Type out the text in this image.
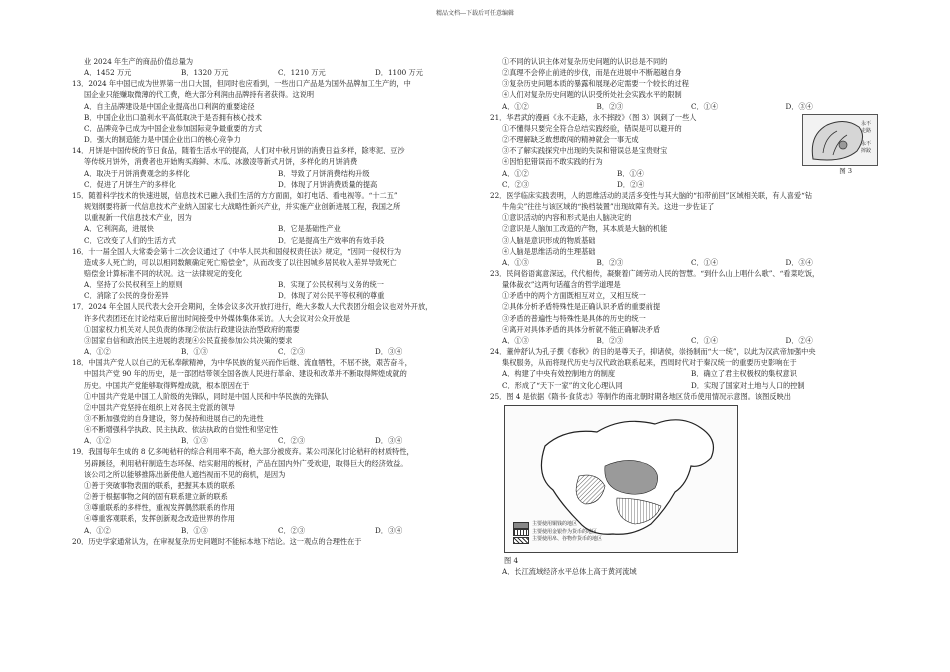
精品文档---下载后可任意编辑
业 2024 年生产的商品价值总量为
A．1452 万元	B．1320 万元	C．1210 万元	D．1100 万元
13．2024 年中国已成为世界第一出口大国，但同时也应看到，一些出口产品是为国外品牌加工生产的，中
国企业只能赚取微薄的代工费，绝大部分利润由品牌持有者获得。这说明
A．自主品牌建设是中国企业提高出口利润的重要途径
B．中国企业出口盈利水平高低取决于是否拥有核心技术
C．品牌竞争已成为中国企业参加国际竞争最重要的方式
D．强大的制造能力是中国企业出口的核心竞争力
14．月饼是中国传统的节日食品，随着生活水平的提高，人们对中秋月饼的消费日益多样，除枣泥、豆沙
等传统月饼外，消费者也开始购买海鲜、木瓜、冰激凌等新式月饼，多样化的月饼消费
A．取决于月饼消费观念的多样化	B．导致了月饼消费结构升级
C．促进了月饼生产的多样化	D．体现了月饼消费质量的提高
15．随着科学技术的快速进展，信息技术已融入我们生活的方方面面，如打电话、看电视等。“十二五”
规划纲要将新一代信息技术产业纳入国家七大战略性新兴产业，并实施产业创新进展工程，我国之所
以重视新一代信息技术产业，因为
A．它利润高，进展快	B．它是基础性产业
C．它改变了人们的生活方式	D．它是提高生产效率的有效手段
16．十一届全国人大常委会第十二次会议通过了《中华人民共和国侵权责任法》规定，“因同一侵权行为
造成多人死亡的，可以以相同数额确定死亡赔偿金”，从而改变了以往因城乡居民收入差异导致死亡
赔偿金计算标准不同的状况。这一法律规定的变化
A．坚持了公民权利至上的原则	B．实现了公民权利与义务的统一
C．消除了公民的身份差异	D．体现了对公民平等权利的尊重
17．2024 年全国人民代表大会开会期间，全体会议多次开放打进行，绝大多数人大代表团分组会议也对外开放，
许多代表团还在讨论结束后留出时间接受中外媒体集体采访。人大会议对公众开放是
①国家权力机关对人民负责的体现②依法行政建设法治型政府的需要
③国家自信和政治民主进展的表现④公民直接参加公共决策的要求
A．①②	B．①③	C．②③	D．③④
18．中国共产党人以自己的无私奉献精神，为中华民族的复兴而作后继、流血牺牲，不屈不挠，艰苦奋斗，
中国共产党 90 年的历史，是一部团结带领全国各族人民进行革命、建设和改革并不断取得辉煌成就的
历史。中国共产党能够取得辉煌成就，根本原因在于
①中国共产党是中国工人阶级的先锋队，同时是中国人民和中华民族的先锋队
②中国共产党坚持在组织上对各民主党派的领导
③不断加强党的自身建设，努力保持和进展自己的先进性
④不断增强科学执政、民主执政、依法执政的自觉性和坚定性
A．①②	B．①③	C．②③	D．③④
19．我国每年生成的 8 亿多吨秸秆的综合利用率不高，绝大部分被废弃。某公司深化讨论秸秆的材质特性，
另辟蹊径，利用秸秆制造生态环保、结实耐用的板材，产品在国内外广受欢迎，取得巨大的经济效益。
该公司之所以能够推陈出新使他人遮挡视而不见的商机，是因为
①善于突破事物表面的联系，把握其本质的联系
②善于根据事物之间的固有联系建立新的联系
③尊重联系的多样性，重视发挥偶然联系的作用
④尊重客观联系，发挥创新观念改造世界的作用
A．①②	B．①③	C．②③	D．③④
20．历史学家通常认为，在审视复杂历史问题时不能标本地下结论。这一观点的合理性在于
①不同的认识主体对复杂历史问题的认识总是不同的
②真理不会停止前进的步伐，而是在进展中不断超越自身
③复杂历史问题本质的暴露和展现必定需要一个较长的过程
④人们对复杂历史问题的认识受所处社会实践水平的限制
A．①②	B．②③	C．①④	D．③④
21．华君武的漫画《永不走路，永不摔跤》（图 3）讽刺了一些人
①不懂得只要完全符合总结实践经验，错误是可以避开的
②不理解缺乏敢想敢闯的精神就会一事无成
③不了解实践探究中出现的失误和错误总是宝贵财宝
④因怕犯错误而不敢实践的行为
A．①②	B．①④
C．②③	D．②④
永不
走路
永不
摔跤
图 3
22．医学临床实践表明，人的思维活动的灵活多变性与其大脑的“扣带前回”区域相关联，有人喜爱“钻
牛角尖”往往与该区域的“换档装置”出现故障有关。这进一步佐证了
①意识活动的内容和形式是由人脑决定的
②意识是人脑加工改造的产物，其本质是大脑的机能
③人脑是意识形成的物质基础
④人脑是思维活动的生理基础
A．①③	B．②③	C．①④	D．③④
23．民间俗语寓意深远，代代相传，凝聚着广阔劳动人民的智慧。“到什么山上唱什么歌”、“看菜吃饭，
量体裁衣”这两句话蕴含的哲学道理是
①矛盾中的两个方面既相互对立，又相互统一
②具体分析矛盾特殊性是正确认识矛盾的重要前提
③矛盾的普遍性与特殊性是具体的历史的统一
④离开对具体矛盾的具体分析就不能正确解决矛盾
A．①③	B．②③	C．①④	D．②④
24．董仲舒认为孔子撰《春秋》的目的是尊天子，抑诸侯，崇扬制而“大一统”，以此为汉武帝加强中央
集权服务，从而将现代历史与汉代政治联系起来，西周时代对于秦汉统一的重要历史影响在于
A．构建了中央有效控制地方的制度	B．确立了君主权极权的集权意识
C．形成了“天下一家”的文化心理认同	D．实现了国家对土地与人口的控制
25．图 4 是依据《隋书·食货志》等制作的南北朝时期各地区货币使用情况示意图。该图反映出
主要使用铜钱的地区
主要使用金银作为货币的地区
主要使用帛、谷物作货币的地区
图 4
A．长江流域经济水平总体上高于黄河流域
